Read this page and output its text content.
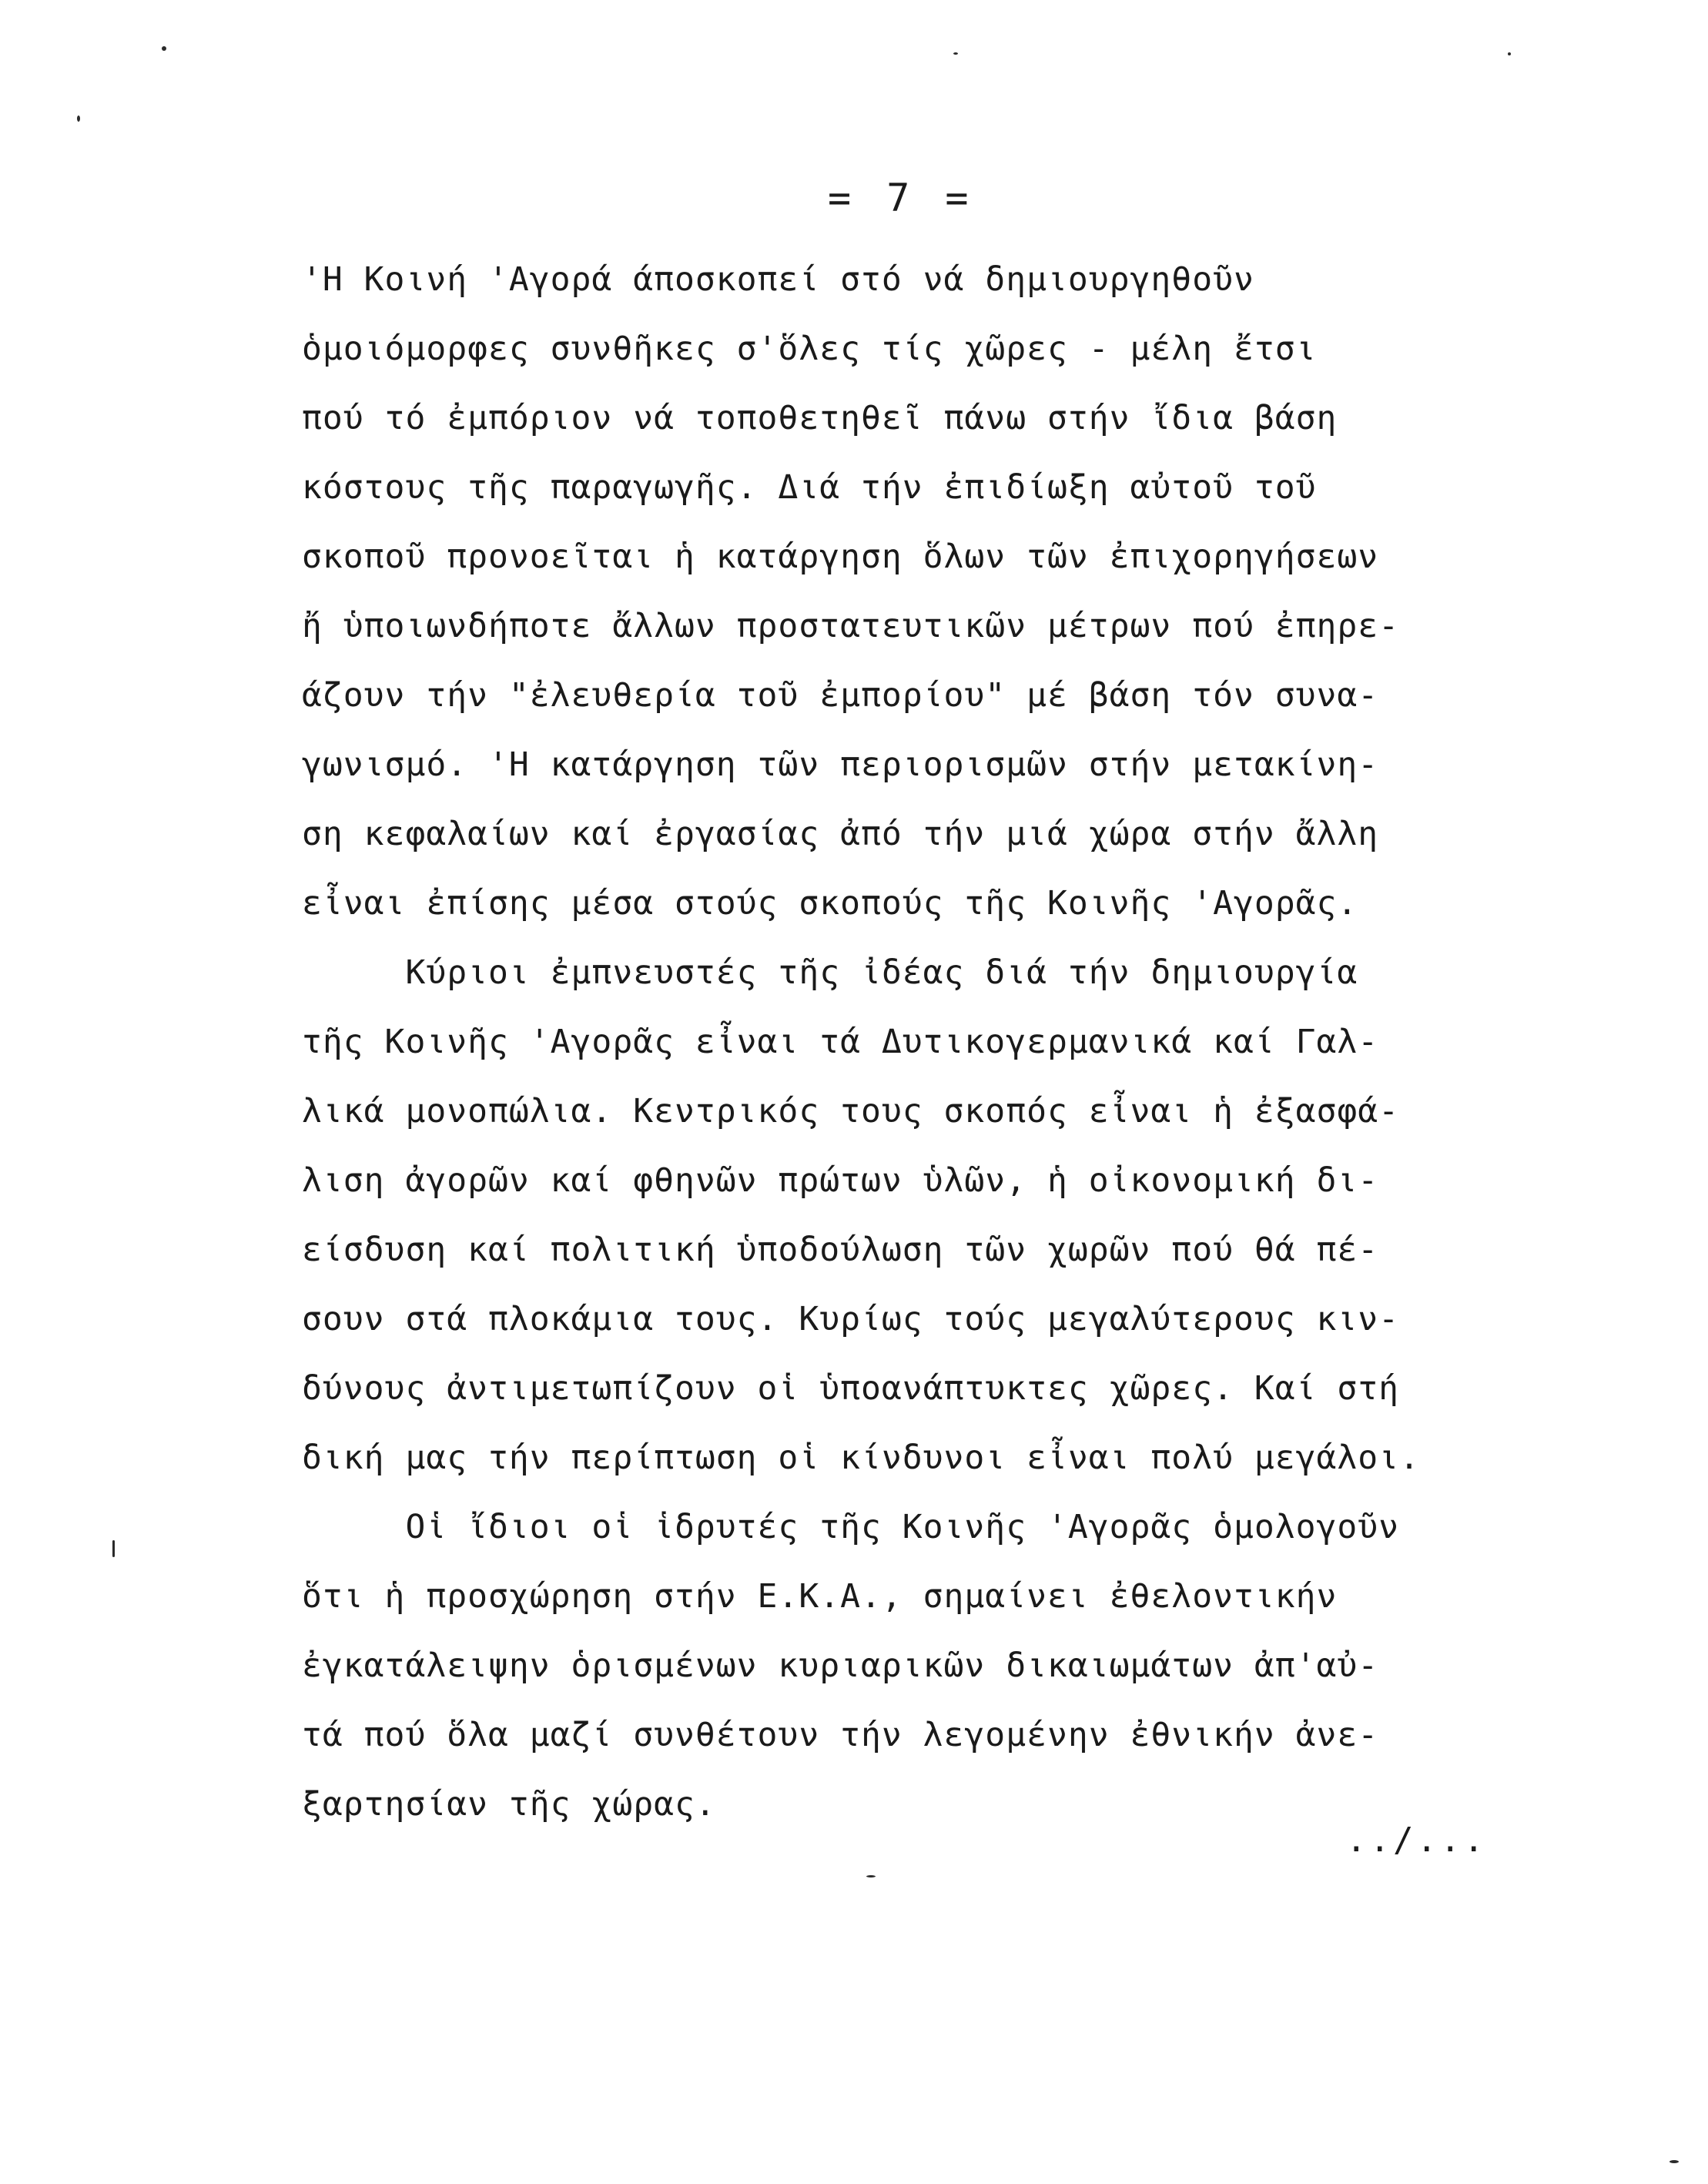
= 7 =
'Η Κοινή 'Αγορά άποσκοπεί στό νά δημιουργηθοῦν
ὁμοιόμορφες συνθῆκες σ'ὅλες τίς χῶρες - μέλη ἔτσι
πού τό ἐμπόριον νά τοποθετηθεῖ πάνω στήν ἴδια βάση
κόστους τῆς παραγωγῆς. Διά τήν ἐπιδίωξη αὐτοῦ τοῦ
σκοποῦ προνοεῖται ἡ κατάργηση ὅλων τῶν ἐπιχορηγήσεων
ἤ ὑποιωνδήποτε ἄλλων προστατευτικῶν μέτρων πού ἐπηρε-
άζουν τήν "ἐλευθερία τοῦ ἐμπορίου" μέ βάση τόν συνα-
γωνισμό. 'Η κατάργηση τῶν περιορισμῶν στήν μετακίνη-
ση κεφαλαίων καί ἐργασίας ἀπό τήν μιά χώρα στήν ἄλλη
εἶναι ἐπίσης μέσα στούς σκοπούς τῆς Κοινῆς 'Αγορᾶς.
Κύριοι ἐμπνευστές τῆς ἰδέας διά τήν δημιουργία
τῆς Κοινῆς 'Αγορᾶς εἶναι τά Δυτικογερμανικά καί Γαλ-
λικά μονοπώλια. Κεντρικός τους σκοπός εἶναι ἡ ἐξασφά-
λιση ἀγορῶν καί φθηνῶν πρώτων ὑλῶν, ἡ οἰκονομική δι-
είσδυση καί πολιτική ὑποδούλωση τῶν χωρῶν πού θά πέ-
σουν στά πλοκάμια τους. Κυρίως τούς μεγαλύτερους κιν-
δύνους ἀντιμετωπίζουν οἱ ὑποανάπτυκτες χῶρες. Καί στή
δική μας τήν περίπτωση οἱ κίνδυνοι εἶναι πολύ μεγάλοι.
Οἱ ἴδιοι οἱ ἱδρυτές τῆς Κοινῆς 'Αγορᾶς ὁμολογοῦν
ὅτι ἡ προσχώρηση στήν Ε.Κ.Α., σημαίνει ἐθελοντικήν
ἐγκατάλειψην ὁρισμένων κυριαρικῶν δικαιωμάτων ἀπ'αὐ-
τά πού ὅλα μαζί συνθέτουν τήν λεγομένην ἐθνικήν ἀνε-
ξαρτησίαν τῆς χώρας.
../...
